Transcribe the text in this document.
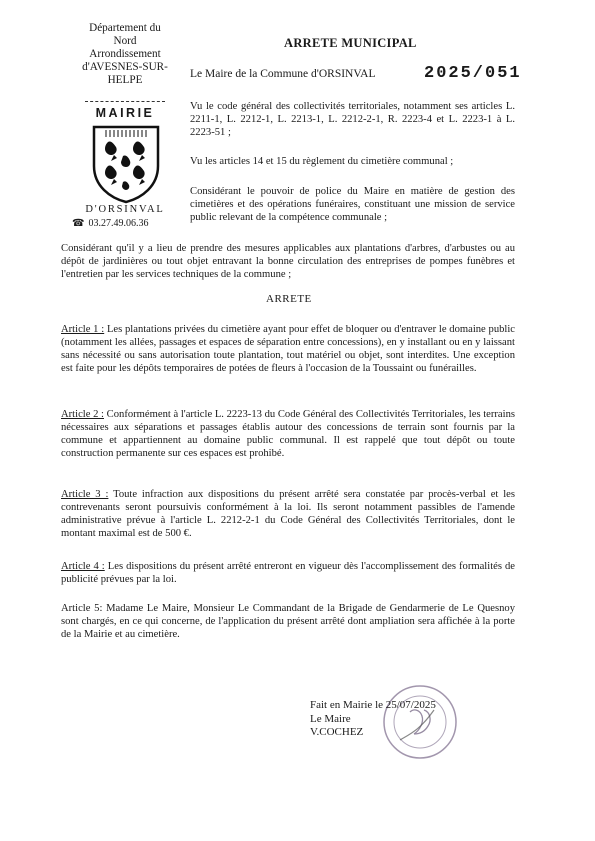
Département du
Nord
Arrondissement
d'AVESNES-SUR-
HELPE
MAIRIE
D'ORSINVAL
☎ 03.27.49.06.36
ARRETE MUNICIPAL
Le Maire de la Commune d'ORSINVAL	2025/051
Vu le code général des collectivités territoriales, notamment ses articles L. 2211-1, L. 2212-1, L. 2213-1, L. 2212-2-1, R. 2223-4 et L. 2223-1 à L. 2223-51 ;
Vu les articles 14 et 15 du règlement du cimetière communal ;
Considérant le pouvoir de police du Maire en matière de gestion des cimetières et des opérations funéraires, constituant une mission de service public relevant de la compétence communale ;
Considérant qu'il y a lieu de prendre des mesures applicables aux plantations d'arbres, d'arbustes ou au dépôt de jardinières ou tout objet entravant la bonne circulation des entreprises de pompes funèbres et l'entretien par les services techniques de la commune ;
ARRETE
Article 1 : Les plantations privées du cimetière ayant pour effet de bloquer ou d'entraver le domaine public (notamment les allées, passages et espaces de séparation entre concessions), en y installant ou en y laissant sans nécessité ou sans autorisation toute plantation, tout matériel ou objet, sont interdites. Une exception est faite pour les dépôts temporaires de potées de fleurs à l'occasion de la Toussaint ou funérailles.
Article 2 : Conformément à l'article L. 2223-13 du Code Général des Collectivités Territoriales, les terrains nécessaires aux séparations et passages établis autour des concessions de terrain sont fournis par la commune et appartiennent au domaine public communal. Il est rappelé que tout dépôt ou toute construction permanente sur ces espaces est prohibé.
Article 3 : Toute infraction aux dispositions du présent arrêté sera constatée par procès-verbal et les contrevenants seront poursuivis conformément à la loi. Ils seront notamment passibles de l'amende administrative prévue à l'article L. 2212-2-1 du Code Général des Collectivités Territoriales, dont le montant maximal est de 500 €.
Article 4 : Les dispositions du présent arrêté entreront en vigueur dès l'accomplissement des formalités de publicité prévues par la loi.
Article 5: Madame Le Maire, Monsieur Le Commandant de la Brigade de Gendarmerie de Le Quesnoy sont chargés, en ce qui concerne, de l'application du présent arrêté dont ampliation sera affichée à la porte de la Mairie et au cimetière.
Fait en Mairie le 25/07/2025
Le Maire
V.COCHEZ
